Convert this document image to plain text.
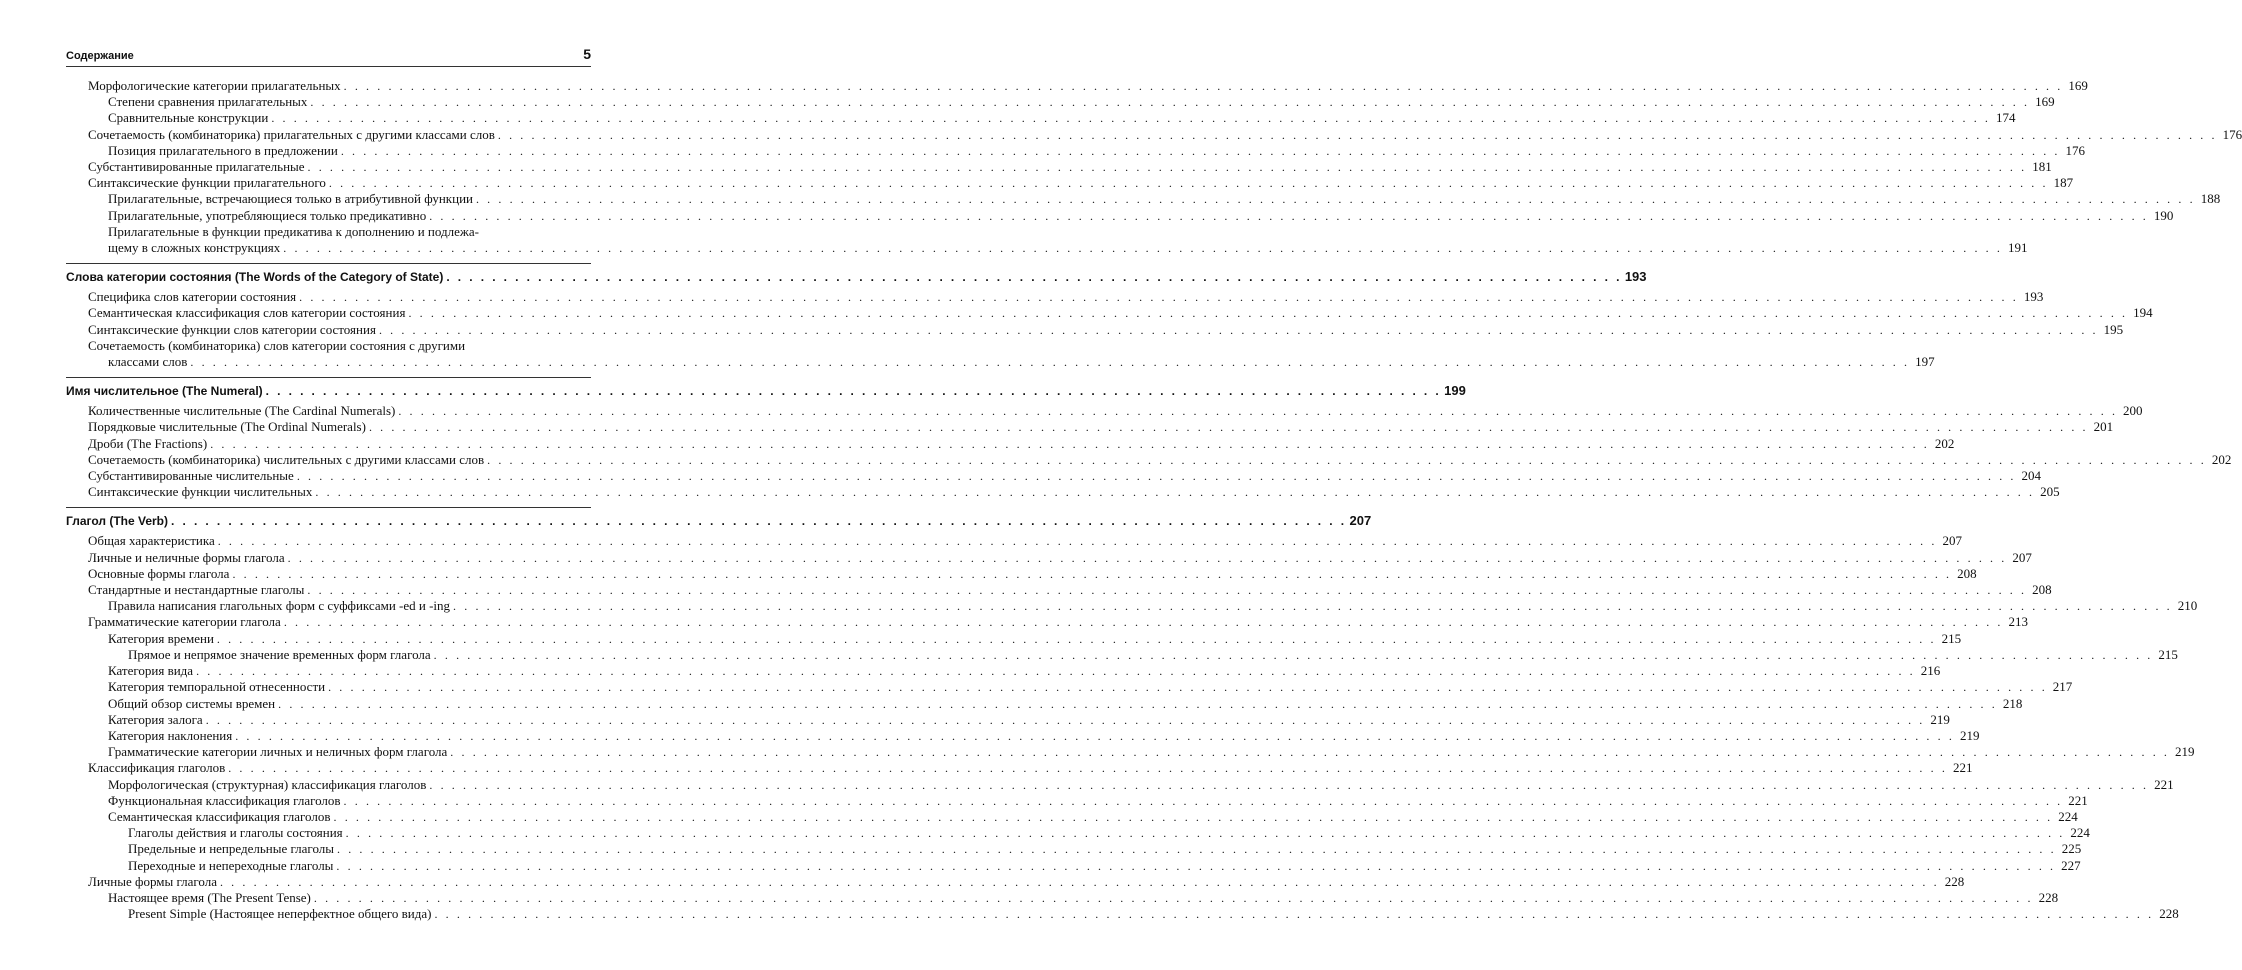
Содержание	5
Морфологические категории прилагательных . . .	169
Степени сравнения прилагательных . . .	169
Сравнительные конструкции . . .	174
Сочетаемость (комбинаторика) прилагательных с другими классами слов . . .	176
Позиция прилагательного в предложении . . .	176
Субстантивированные прилагательные . . .	181
Синтаксические функции прилагательного . . .	187
Прилагательные, встречающиеся только в атрибутивной функции . . .	188
Прилагательные, употребляющиеся только предикативно . . .	190
Прилагательные в функции предикатива к дополнению и подлежа-
щему в сложных конструкциях . . .	191
Слова категории состояния (The Words of the Category of State) . . .	193
Специфика слов категории состояния . . .	193
Семантическая классификация слов категории состояния . . .	194
Синтаксические функции слов категории состояния . . .	195
Сочетаемость (комбинаторика) слов категории состояния с другими
классами слов . . .	197
Имя числительное (The Numeral) . . .	199
Количественные числительные (The Cardinal Numerals) . . .	200
Порядковые числительные (The Ordinal Numerals) . . .	201
Дроби (The Fractions) . . .	202
Сочетаемость (комбинаторика) числительных с другими классами слов . . .	202
Субстантивированные числительные . . .	204
Синтаксические функции числительных . . .	205
Глагол (The Verb) . . .	207
Общая характеристика . . .	207
Личные и неличные формы глагола . . .	207
Основные формы глагола . . .	208
Стандартные и нестандартные глаголы . . .	208
Правила написания глагольных форм с суффиксами -ed и -ing . . .	210
Грамматические категории глагола . . .	213
Категория времени . . .	215
Прямое и непрямое значение временных форм глагола . . .	215
Категория вида . . .	216
Категория темпоральной отнесенности . . .	217
Общий обзор системы времен . . .	218
Категория залога . . .	219
Категория наклонения . . .	219
Грамматические категории личных и неличных форм глагола . . .	219
Классификация глаголов . . .	221
Морфологическая (структурная) классификация глаголов . . .	221
Функциональная классификация глаголов . . .	221
Семантическая классификация глаголов . . .	224
Глаголы действия и глаголы состояния . . .	224
Предельные и непредельные глаголы . . .	225
Переходные и непереходные глаголы . . .	227
Личные формы глагола . . .	228
Настоящее время (The Present Tense) . . .	228
Present Simple (Настоящее неперфектное общего вида) . . .	228
